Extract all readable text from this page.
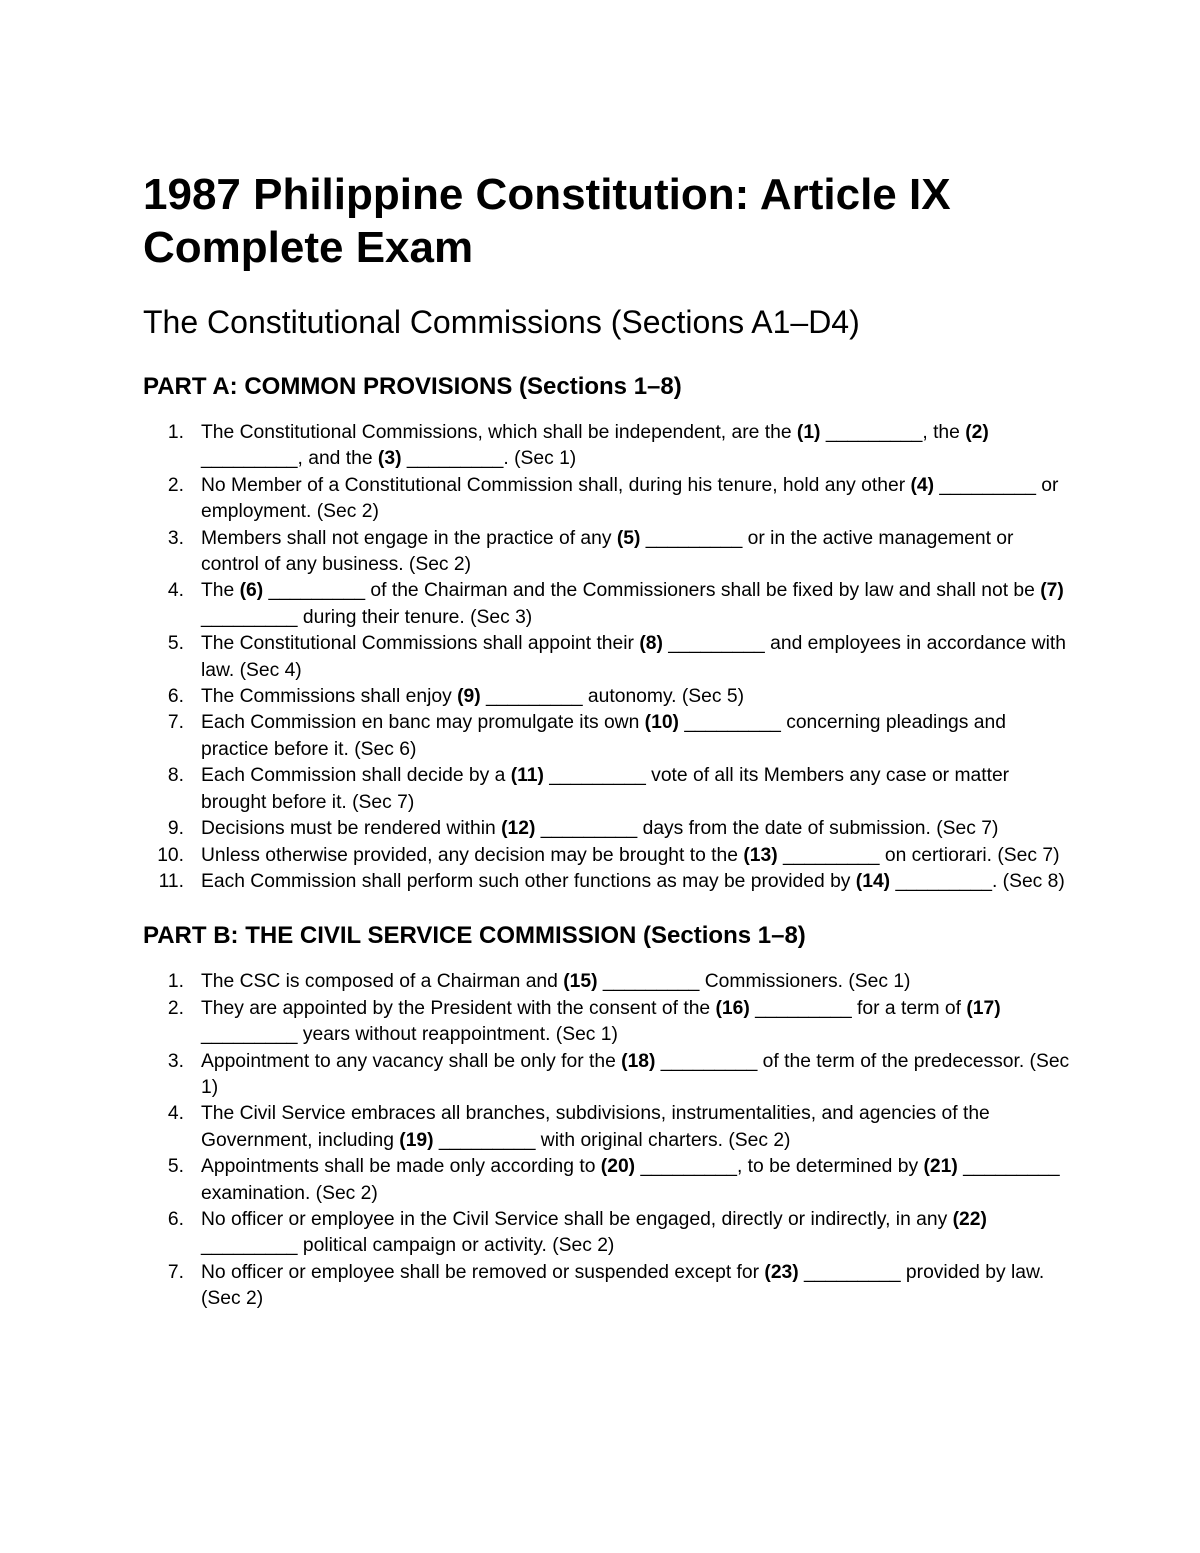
1987 Philippine Constitution: Article IX Complete Exam
The Constitutional Commissions (Sections A1–D4)
PART A: COMMON PROVISIONS (Sections 1–8)
1. The Constitutional Commissions, which shall be independent, are the (1) _________, the (2) _________, and the (3) _________. (Sec 1)
2. No Member of a Constitutional Commission shall, during his tenure, hold any other (4) _________ or employment. (Sec 2)
3. Members shall not engage in the practice of any (5) _________ or in the active management or control of any business. (Sec 2)
4. The (6) _________ of the Chairman and the Commissioners shall be fixed by law and shall not be (7) _________ during their tenure. (Sec 3)
5. The Constitutional Commissions shall appoint their (8) _________ and employees in accordance with law. (Sec 4)
6. The Commissions shall enjoy (9) _________ autonomy. (Sec 5)
7. Each Commission en banc may promulgate its own (10) _________ concerning pleadings and practice before it. (Sec 6)
8. Each Commission shall decide by a (11) _________ vote of all its Members any case or matter brought before it. (Sec 7)
9. Decisions must be rendered within (12) _________ days from the date of submission. (Sec 7)
10. Unless otherwise provided, any decision may be brought to the (13) _________ on certiorari. (Sec 7)
11. Each Commission shall perform such other functions as may be provided by (14) _________. (Sec 8)
PART B: THE CIVIL SERVICE COMMISSION (Sections 1–8)
1. The CSC is composed of a Chairman and (15) _________ Commissioners. (Sec 1)
2. They are appointed by the President with the consent of the (16) _________ for a term of (17) _________ years without reappointment. (Sec 1)
3. Appointment to any vacancy shall be only for the (18) _________ of the term of the predecessor. (Sec 1)
4. The Civil Service embraces all branches, subdivisions, instrumentalities, and agencies of the Government, including (19) _________ with original charters. (Sec 2)
5. Appointments shall be made only according to (20) _________, to be determined by (21) _________ examination. (Sec 2)
6. No officer or employee in the Civil Service shall be engaged, directly or indirectly, in any (22) _________ political campaign or activity. (Sec 2)
7. No officer or employee shall be removed or suspended except for (23) _________ provided by law. (Sec 2)
